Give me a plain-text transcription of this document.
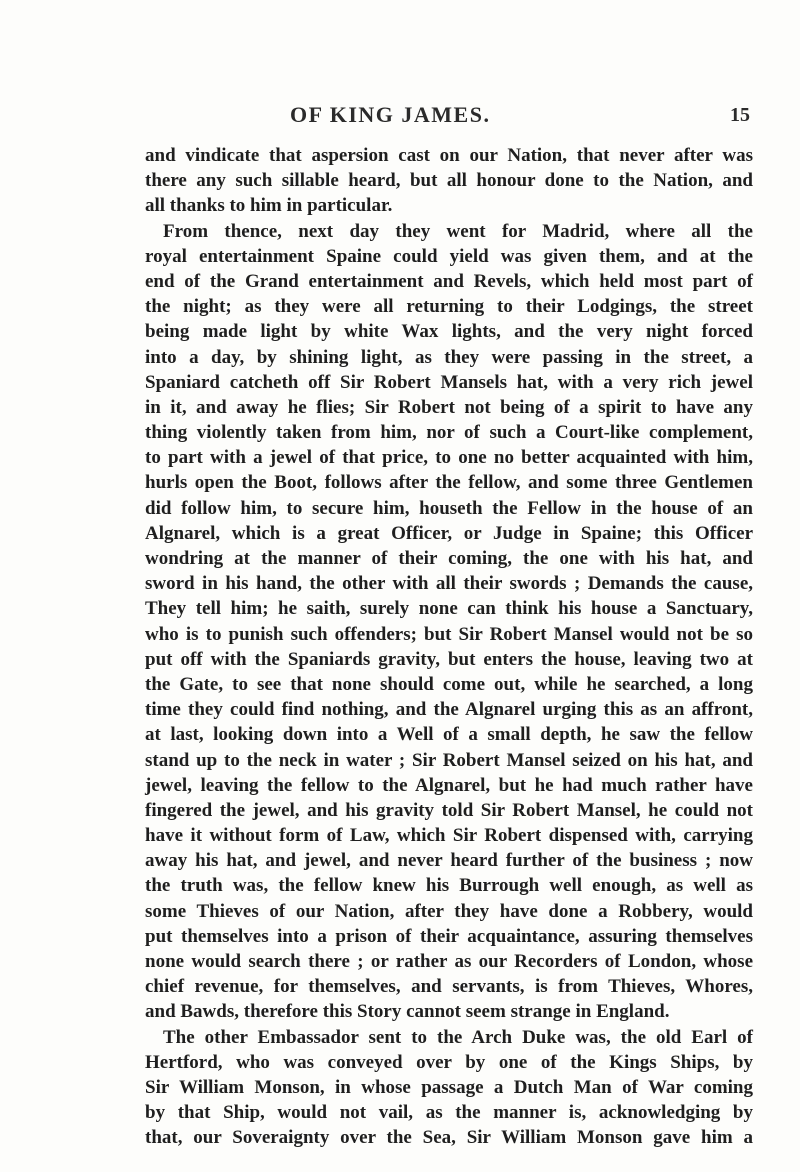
OF KING JAMES.	15
and vindicate that aspersion cast on our Nation, that never after was
there any such sillable heard, but all honour done to the Nation, and
all thanks to him in particular.
From thence, next day they went for Madrid, where all the
royal entertainment Spaine could yield was given them, and at the
end of the Grand entertainment and Revels, which held most part of
the night; as they were all returning to their Lodgings, the street
being made light by white Wax lights, and the very night forced
into a day, by shining light, as they were passing in the street, a
Spaniard catcheth off Sir Robert Mansels hat, with a very rich jewel
in it, and away he flies; Sir Robert not being of a spirit to have any
thing violently taken from him, nor of such a Court-like complement,
to part with a jewel of that price, to one no better acquainted with him,
hurls open the Boot, follows after the fellow, and some three Gentlemen
did follow him, to secure him, houseth the Fellow in the house of an
Algnarel, which is a great Officer, or Judge in Spaine; this Officer
wondring at the manner of their coming, the one with his hat, and
sword in his hand, the other with all their swords ; Demands the cause,
They tell him; he saith, surely none can think his house a Sanctuary,
who is to punish such offenders; but Sir Robert Mansel would not be so
put off with the Spaniards gravity, but enters the house, leaving two at
the Gate, to see that none should come out, while he searched, a long
time they could find nothing, and the Algnarel urging this as an affront,
at last, looking down into a Well of a small depth, he saw the fellow
stand up to the neck in water ; Sir Robert Mansel seized on his hat, and
jewel, leaving the fellow to the Algnarel, but he had much rather have
fingered the jewel, and his gravity told Sir Robert Mansel, he could not
have it without form of Law, which Sir Robert dispensed with, carrying
away his hat, and jewel, and never heard further of the business ; now
the truth was, the fellow knew his Burrough well enough, as well as
some Thieves of our Nation, after they have done a Robbery, would
put themselves into a prison of their acquaintance, assuring themselves
none would search there ; or rather as our Recorders of London, whose
chief revenue, for themselves, and servants, is from Thieves, Whores,
and Bawds, therefore this Story cannot seem strange in England.
The other Embassador sent to the Arch Duke was, the old Earl of
Hertford, who was conveyed over by one of the Kings Ships, by
Sir William Monson, in whose passage a Dutch Man of War coming
by that Ship, would not vail, as the manner is, acknowledging by
that, our Soveraignty over the Sea, Sir William Monson gave him a
